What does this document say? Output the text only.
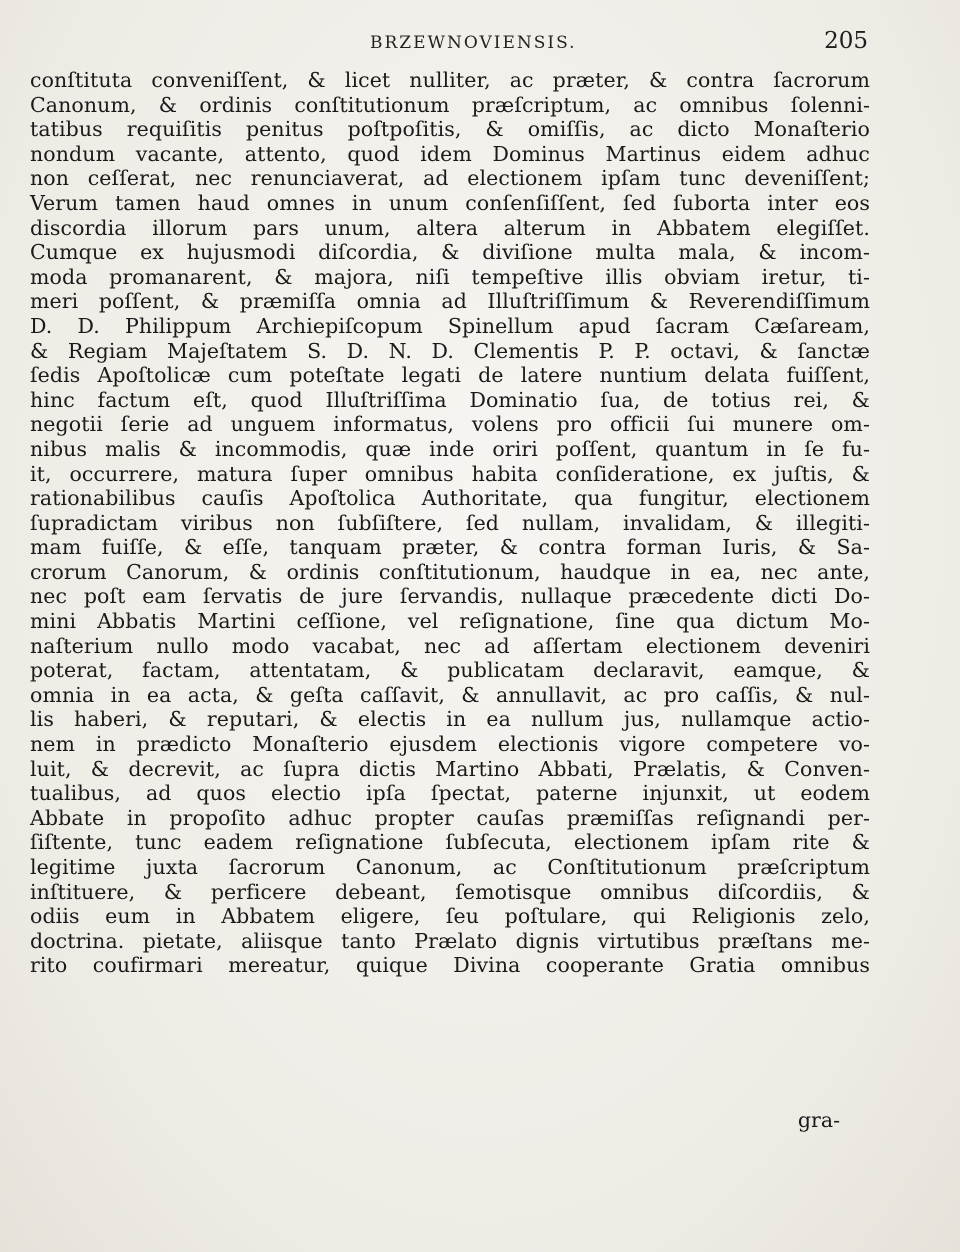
BRZEWNOVIENSIS.	205
conſtituta conveniſſent, & licet nulliter, ac præter, & contra ſacrorum
Canonum, & ordinis conſtitutionum præſcriptum, ac omnibus ſolenni-
tatibus requiſitis penitus poſtpoſitis, & omiſſis, ac dicto Monaſterio
nondum vacante, attento, quod idem Dominus Martinus eidem adhuc
non ceſſerat, nec renunciaverat, ad electionem ipſam tunc deveniſſent;
Verum tamen haud omnes in unum conſenſiſſent, ſed ſuborta inter eos
discordia illorum pars unum, altera alterum in Abbatem elegiſſet.
Cumque ex hujusmodi diſcordia, & diviſione multa mala, & incom-
moda promanarent, & majora, niſi tempeſtive illis obviam iretur, ti-
meri poſſent, & præmiſſa omnia ad Illuſtriſſimum & Reverendiſſimum
D. D. Philippum Archiepiſcopum Spinellum apud ſacram Cæſaream,
& Regiam Majeſtatem S. D. N. D. Clementis P. P. octavi, & ſanctæ
ſedis Apoſtolicæ cum poteſtate legati de latere nuntium delata fuiſſent,
hinc factum eſt, quod Illuſtriſſima Dominatio ſua, de totius rei, &
negotii ſerie ad unguem informatus, volens pro officii ſui munere om-
nibus malis & incommodis, quæ inde oriri poſſent, quantum in ſe fu-
it, occurrere, matura ſuper omnibus habita conſideratione, ex juſtis, &
rationabilibus cauſis Apoſtolica Authoritate, qua fungitur, electionem
ſupradictam viribus non ſubſiſtere, ſed nullam, invalidam, & illegiti-
mam fuiſſe, & eſſe, tanquam præter, & contra forman Iuris, & Sa-
crorum Canorum, & ordinis conſtitutionum, haudque in ea, nec ante,
nec poſt eam ſervatis de jure ſervandis, nullaque præcedente dicti Do-
mini Abbatis Martini ceſſione, vel reſignatione, ſine qua dictum Mo-
naſterium nullo modo vacabat, nec ad aſſertam electionem deveniri
poterat, factam, attentatam, & publicatam declaravit, eamque, &
omnia in ea acta, & geſta caſſavit, & annullavit, ac pro caſſis, & nul-
lis haberi, & reputari, & electis in ea nullum jus, nullamque actio-
nem in prædicto Monaſterio ejusdem electionis vigore competere vo-
luit, & decrevit, ac ſupra dictis Martino Abbati, Prælatis, & Conven-
tualibus, ad quos electio ipſa ſpectat, paterne injunxit, ut eodem
Abbate in propoſito adhuc propter cauſas præmiſſas reſignandi per-
ſiſtente, tunc eadem reſignatione ſubſecuta, electionem ipſam rite &
legitime juxta ſacrorum Canonum, ac Conſtitutionum præſcriptum
inſtituere, & perficere debeant, ſemotisque omnibus diſcordiis, &
odiis eum in Abbatem eligere, ſeu poſtulare, qui Religionis zelo,
doctrina. pietate, aliisque tanto Prælato dignis virtutibus præſtans me-
rito coufirmari mereatur, quique Divina cooperante Gratia omnibus
gra-
